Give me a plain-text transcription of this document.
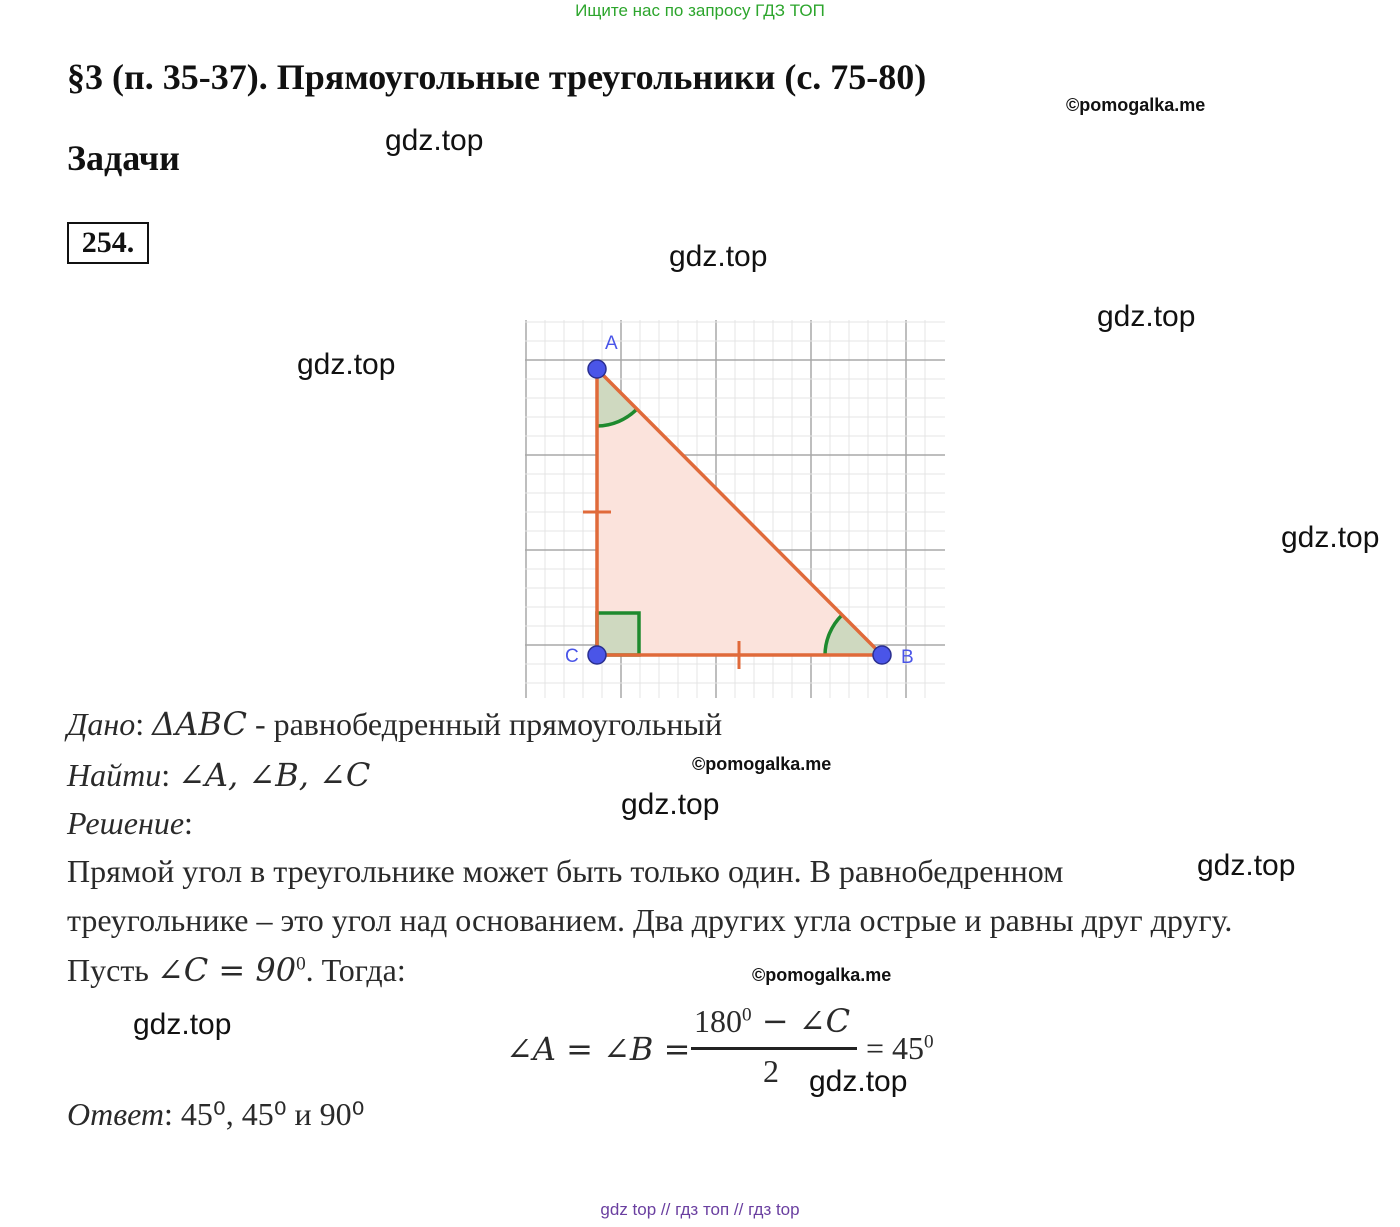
Ищите нас по запросу ГДЗ ТОП
§3 (п. 35-37). Прямоугольные треугольники (с. 75-80)
©pomogalka.me
Задачи
254.
gdz.top
gdz.top
gdz.top
gdz.top
gdz.top
gdz.top
gdz.top
gdz.top
gdz.top
A
C	B
Дано: ΔABC - равнобедренный прямоугольный
Найти: ∠A, ∠B, ∠C	©pomogalka.me
Решение:
Прямой угол в треугольнике может быть только один. В равнобедренном
треугольнике – это угол над основанием. Два других угла острые и равны друг другу.
Пусть ∠C = $90^0$. Тогда:	©pomogalka.me
∠A = ∠B =
$180^0$ − ∠C
2
= $45^0$
Ответ: 45⁰, 45⁰ и 90⁰
gdz top // гдз топ // гдз top
